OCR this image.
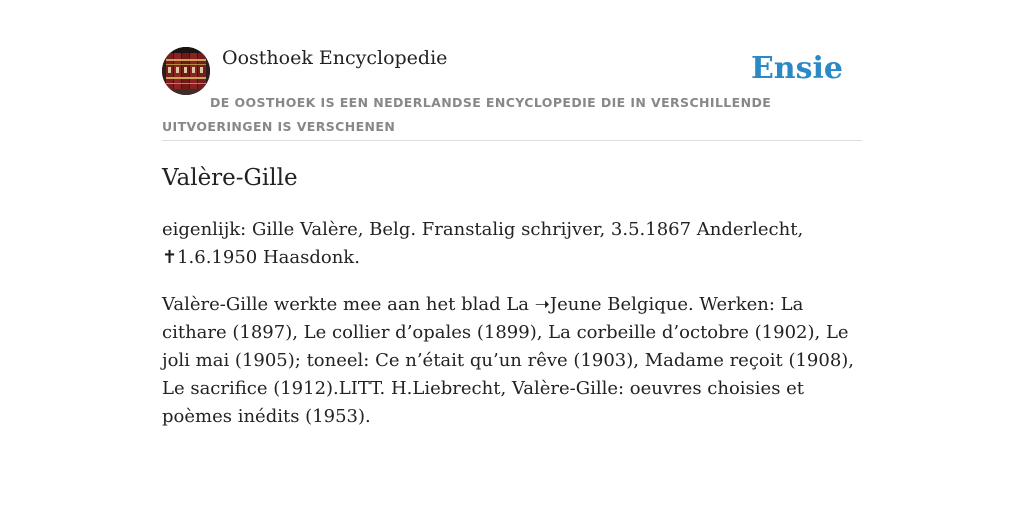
Oosthoek Encyclopedie	Ensie
DE OOSTHOEK IS EEN NEDERLANDSE ENCYCLOPEDIE DIE IN VERSCHILLENDE UITVOERINGEN IS VERSCHENEN
Valère-Gille

eigenlijk: Gille Valère, Belg. Franstalig schrijver, 3.5.1867 Anderlecht, ✝1.6.1950 Haasdonk.

Valère-Gille werkte mee aan het blad La ➝Jeune Belgique. Werken: La cithare (1897), Le collier d’opales (1899), La corbeille d’octobre (1902), Le joli mai (1905); toneel: Ce n’était qu’un rêve (1903), Madame reçoit (1908), Le sacrifice (1912).LITT. H.Liebrecht, Valère-Gille: oeuvres choisies et poèmes inédits (1953).
